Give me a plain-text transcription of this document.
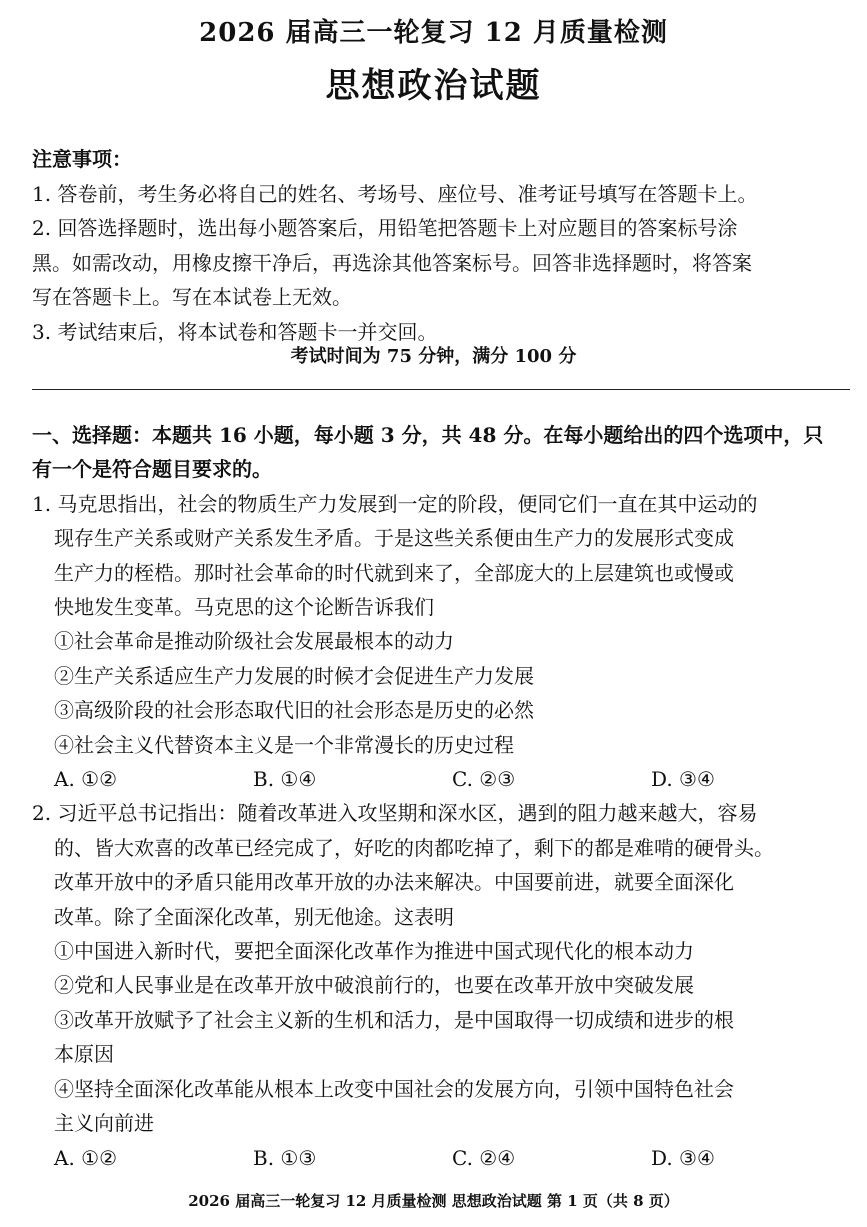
2026 届高三一轮复习 12 月质量检测
思想政治试题

注意事项：

1. 答卷前，考生务必将自己的姓名、考场号、座位号、准考证号填写在答题卡上。

2. 回答选择题时，选出每小题答案后，用铅笔把答题卡上对应题目的答案标号涂

黑。如需改动，用橡皮擦干净后，再选涂其他答案标号。回答非选择题时，将答案

写在答题卡上。写在本试卷上无效。

3. 考试结束后，将本试卷和答题卡一并交回。

考试时间为 75 分钟，满分 100 分

一、选择题：本题共 16 小题，每小题 3 分，共 48 分。在每小题给出的四个选项中，只

有一个是符合题目要求的。

1. 马克思指出，社会的物质生产力发展到一定的阶段，便同它们一直在其中运动的

现存生产关系或财产关系发生矛盾。于是这些关系便由生产力的发展形式变成

生产力的桎梏。那时社会革命的时代就到来了，全部庞大的上层建筑也或慢或

快地发生变革。马克思的这个论断告诉我们

①社会革命是推动阶级社会发展最根本的动力

②生产关系适应生产力发展的时候才会促进生产力发展

③高级阶段的社会形态取代旧的社会形态是历史的必然

④社会主义代替资本主义是一个非常漫长的历史过程

A. ①②	B. ①④	C. ②③	D. ③④

2. 习近平总书记指出：随着改革进入攻坚期和深水区，遇到的阻力越来越大，容易

的、皆大欢喜的改革已经完成了，好吃的肉都吃掉了，剩下的都是难啃的硬骨头。

改革开放中的矛盾只能用改革开放的办法来解决。中国要前进，就要全面深化

改革。除了全面深化改革，别无他途。这表明

①中国进入新时代，要把全面深化改革作为推进中国式现代化的根本动力

②党和人民事业是在改革开放中破浪前行的，也要在改革开放中突破发展

③改革开放赋予了社会主义新的生机和活力，是中国取得一切成绩和进步的根

本原因

④坚持全面深化改革能从根本上改变中国社会的发展方向，引领中国特色社会

主义向前进

A. ①②	B. ①③	C. ②④	D. ③④
2026 届高三一轮复习 12 月质量检测 思想政治试题 第 1 页（共 8 页）
